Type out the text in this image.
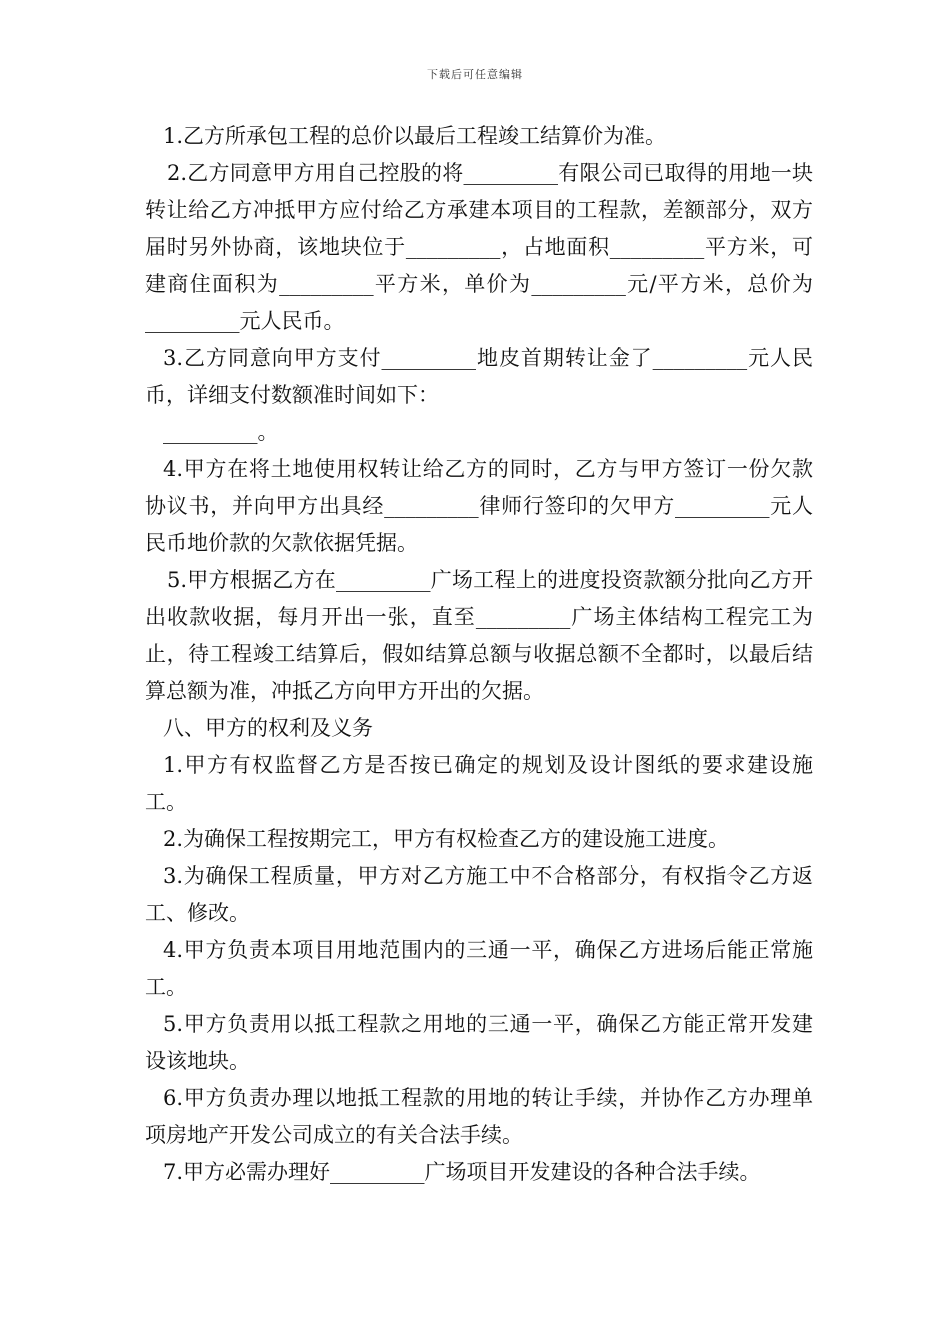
下载后可任意编辑

1.乙方所承包工程的总价以最后工程竣工结算价为准。

2.乙方同意甲方用自己控股的将_________有限公司已取得的用地一块转让给乙方冲抵甲方应付给乙方承建本项目的工程款，差额部分，双方届时另外协商，该地块位于_________，占地面积_________平方米，可建商住面积为_________平方米，单价为_________元/平方米，总价为_________元人民币。

3.乙方同意向甲方支付_________地皮首期转让金了_________元人民币，详细支付数额准时间如下：

_________。

4.甲方在将土地使用权转让给乙方的同时，乙方与甲方签订一份欠款协议书，并向甲方出具经_________律师行签印的欠甲方_________元人民币地价款的欠款依据凭据。

5.甲方根据乙方在_________广场工程上的进度投资款额分批向乙方开出收款收据，每月开出一张，直至_________广场主体结构工程完工为止，待工程竣工结算后，假如结算总额与收据总额不全都时，以最后结算总额为准，冲抵乙方向甲方开出的欠据。

八、甲方的权利及义务

1.甲方有权监督乙方是否按已确定的规划及设计图纸的要求建设施工。

2.为确保工程按期完工，甲方有权检查乙方的建设施工进度。

3.为确保工程质量，甲方对乙方施工中不合格部分，有权指令乙方返工、修改。

4.甲方负责本项目用地范围内的三通一平，确保乙方进场后能正常施工。

5.甲方负责用以抵工程款之用地的三通一平，确保乙方能正常开发建设该地块。

6.甲方负责办理以地抵工程款的用地的转让手续，并协作乙方办理单项房地产开发公司成立的有关合法手续。

7.甲方必需办理好_________广场项目开发建设的各种合法手续。
